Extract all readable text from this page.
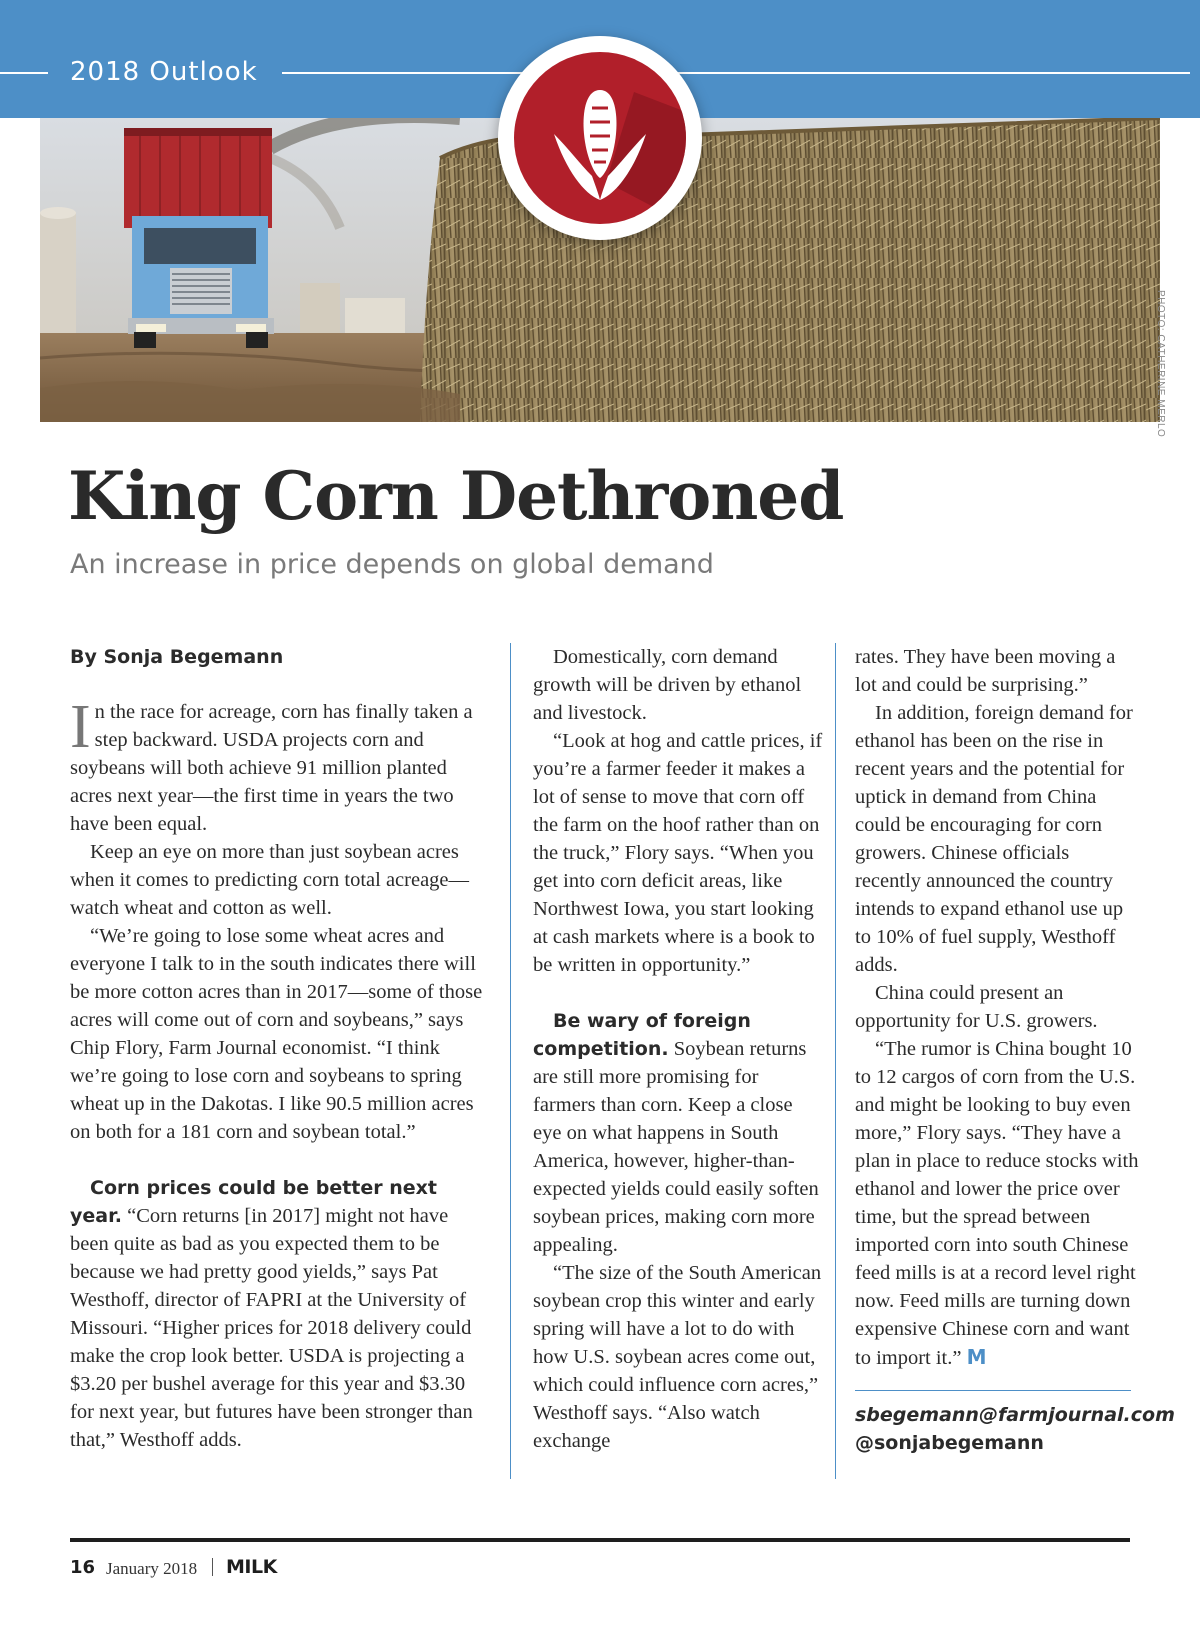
2018 Outlook
PHOTO: CATHERINE MERLO
King Corn Dethroned
An increase in price depends on global demand

By Sonja Begemann

In the race for acreage, corn has finally taken a step backward. USDA projects corn and soybeans will both achieve 91 million planted acres next year—the first time in years the two have been equal.

Keep an eye on more than just soybean acres when it comes to predicting corn total acreage—watch wheat and cotton as well.

“We’re going to lose some wheat acres and everyone I talk to in the south indicates there will be more cotton acres than in 2017—some of those acres will come out of corn and soybeans,” says Chip Flory, Farm Journal economist. “I think we’re going to lose corn and soybeans to spring wheat up in the Dakotas. I like 90.5 million acres on both for a 181 corn and soybean total.”

Corn prices could be better next year. “Corn returns [in 2017] might not have been quite as bad as you expected them to be because we had pretty good yields,” says Pat Westhoff, director of FAPRI at the University of Missouri. “Higher prices for 2018 delivery could make the crop look better. USDA is projecting a $3.20 per bushel average for this year and $3.30 for next year, but futures have been stronger than that,” Westhoff adds.

Domestically, corn demand growth will be driven by ethanol and livestock.

“Look at hog and cattle prices, if you’re a farmer feeder it makes a lot of sense to move that corn off the farm on the hoof rather than on the truck,” Flory says. “When you get into corn deficit areas, like Northwest Iowa, you start looking at cash markets where is a book to be written in opportunity.”

Be wary of foreign competition. Soybean returns are still more promising for farmers than corn. Keep a close eye on what happens in South America, however, higher-than-expected yields could easily soften soybean prices, making corn more appealing.

“The size of the South American soybean crop this winter and early spring will have a lot to do with how U.S. soybean acres come out, which could influence corn acres,” Westhoff says. “Also watch exchange

rates. They have been moving a lot and could be surprising.”

In addition, foreign demand for ethanol has been on the rise in recent years and the potential for uptick in demand from China could be encouraging for corn growers. Chinese officials recently announced the country intends to expand ethanol use up to 10% of fuel supply, Westhoff adds.

China could present an opportunity for U.S. growers.

“The rumor is China bought 10 to 12 cargos of corn from the U.S. and might be looking to buy even more,” Flory says. “They have a plan in place to reduce stocks with ethanol and lower the price over time, but the spread between imported corn into south Chinese feed mills is at a record level right now. Feed mills are turning down expensive Chinese corn and want to import it.” M

sbegemann@farmjournal.com
@sonjabegemann
16 January 2018 MILK
